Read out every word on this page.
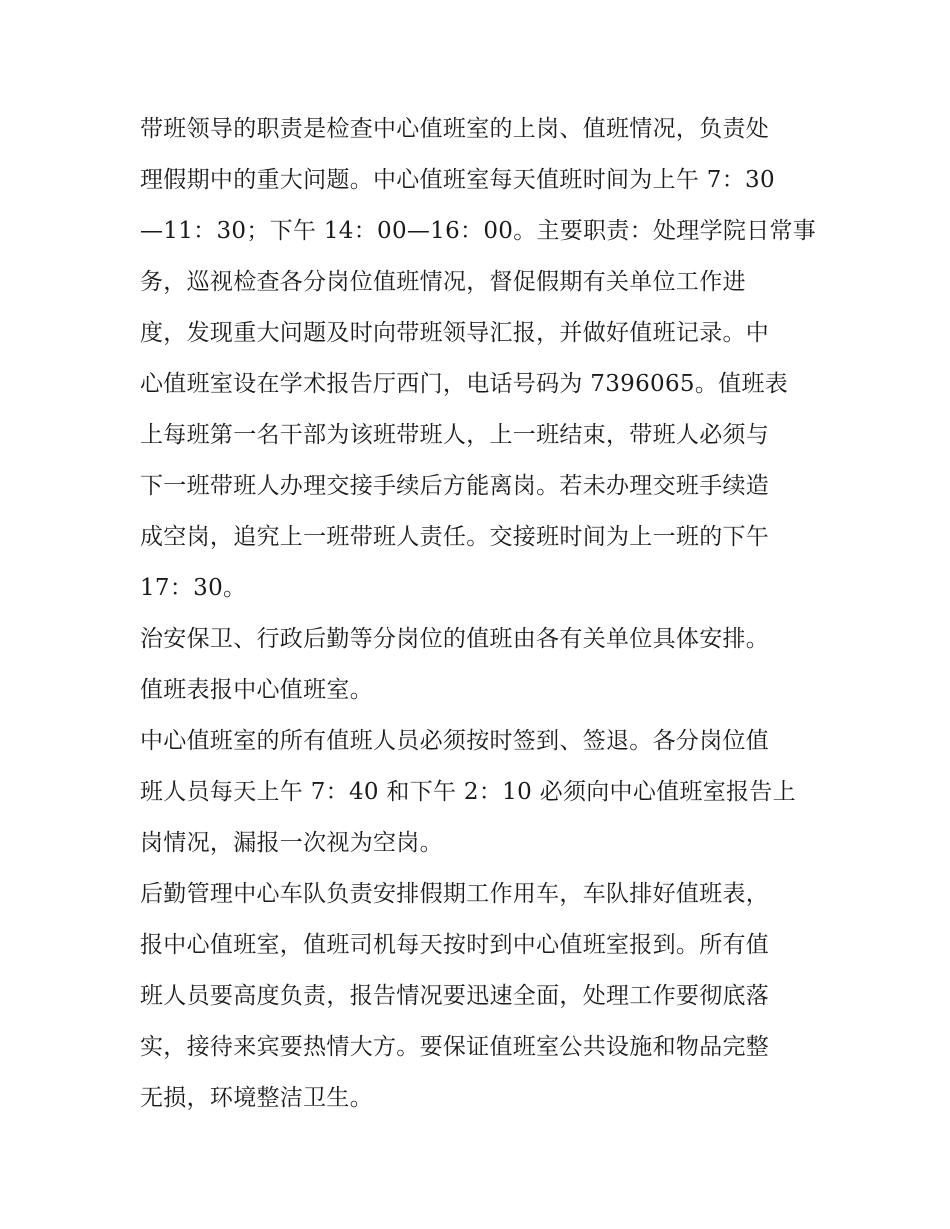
带班领导的职责是检查中心值班室的上岗、值班情况，负责处
理假期中的重大问题。中心值班室每天值班时间为上午 7：30
—11：30；下午 14：00—16：00。主要职责：处理学院日常事
务，巡视检查各分岗位值班情况，督促假期有关单位工作进
度，发现重大问题及时向带班领导汇报，并做好值班记录。中
心值班室设在学术报告厅西门，电话号码为 7396065。值班表
上每班第一名干部为该班带班人，上一班结束，带班人必须与
下一班带班人办理交接手续后方能离岗。若未办理交班手续造
成空岗，追究上一班带班人责任。交接班时间为上一班的下午
17：30。

治安保卫、行政后勤等分岗位的值班由各有关单位具体安排。
值班表报中心值班室。

中心值班室的所有值班人员必须按时签到、签退。各分岗位值
班人员每天上午 7：40 和下午 2：10 必须向中心值班室报告上
岗情况，漏报一次视为空岗。

后勤管理中心车队负责安排假期工作用车，车队排好值班表，
报中心值班室，值班司机每天按时到中心值班室报到。所有值
班人员要高度负责，报告情况要迅速全面，处理工作要彻底落
实，接待来宾要热情大方。要保证值班室公共设施和物品完整
无损，环境整洁卫生。
